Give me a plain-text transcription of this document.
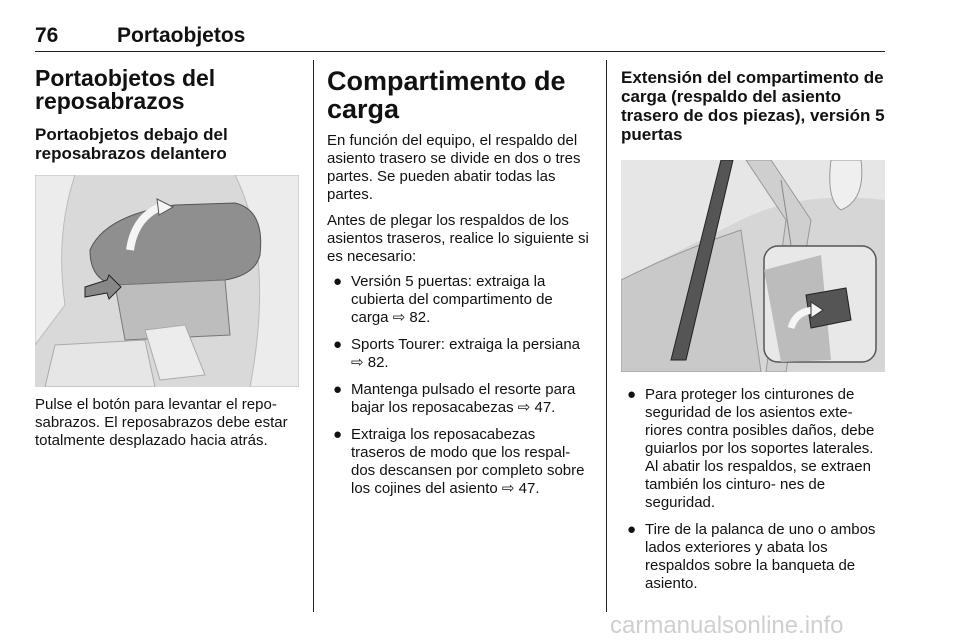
76	Portaobjetos
Portaobjetos del reposabrazos
Portaobjetos debajo del reposabrazos delantero
Pulse el botón para levantar el repo- sabrazos. El reposabrazos debe estar totalmente desplazado hacia atrás.
Compartimento de carga
En función del equipo, el respaldo del asiento trasero se divide en dos o tres partes. Se pueden abatir todas las partes.
Antes de plegar los respaldos de los asientos traseros, realice lo siguiente si es necesario:
● Versión 5 puertas: extraiga la cubierta del compartimento de carga ⇨ 82.
● Sports Tourer: extraiga la persiana ⇨ 82.
● Mantenga pulsado el resorte para bajar los reposacabezas ⇨ 47.
● Extraiga los reposacabezas traseros de modo que los respal- dos descansen por completo sobre los cojines del asiento ⇨ 47.
Extensión del compartimento de carga (respaldo del asiento trasero de dos piezas), versión 5 puertas
● Para proteger los cinturones de seguridad de los asientos exte- riores contra posibles daños, debe guiarlos por los soportes laterales. Al abatir los respaldos, se extraen también los cinturo- nes de seguridad.
● Tire de la palanca de uno o ambos lados exteriores y abata los respaldos sobre la banqueta de asiento.
carmanualsonline.info
